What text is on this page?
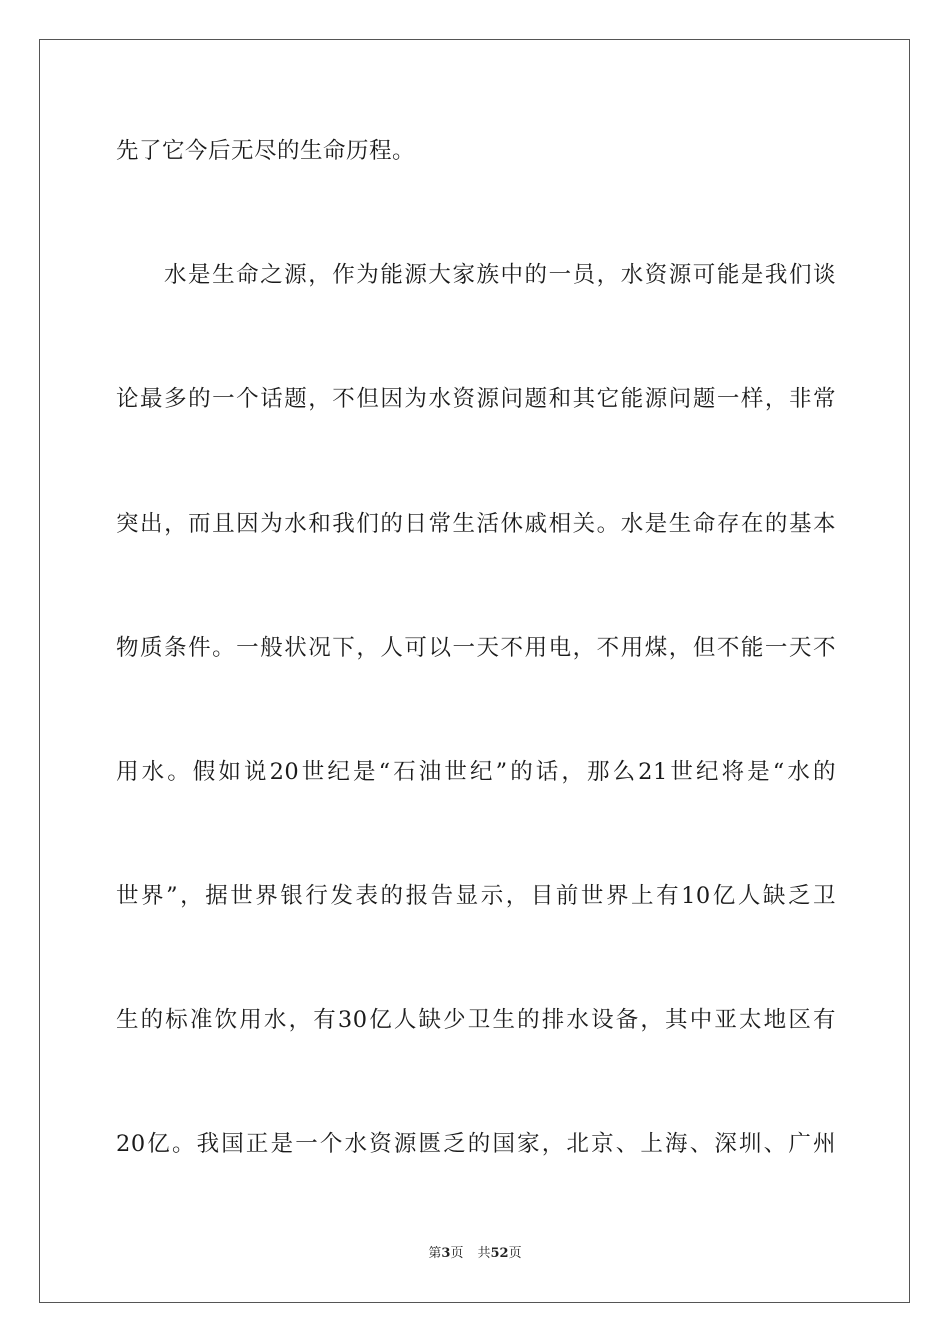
先了它今后无尽的生命历程。
水是生命之源，作为能源大家族中的一员，水资源可能是我们谈
论最多的一个话题，不但因为水资源问题和其它能源问题一样，非常
突出，而且因为水和我们的日常生活休戚相关。水是生命存在的基本
物质条件。一般状况下，人可以一天不用电，不用煤，但不能一天不
用水。假如说20世纪是“石油世纪”的话，那么21世纪将是“水的
世界”，据世界银行发表的报告显示，目前世界上有10亿人缺乏卫
生的标准饮用水，有30亿人缺少卫生的排水设备，其中亚太地区有
20亿。我国正是一个水资源匮乏的国家，北京、上海、深圳、广州
第3页 共52页
